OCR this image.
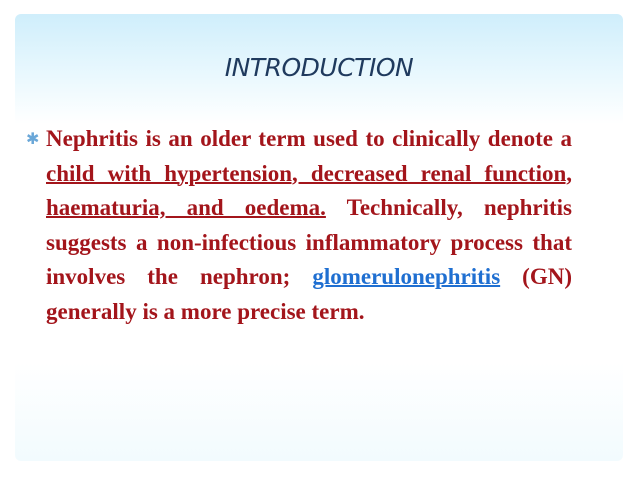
INTRODUCTION
✱ Nephritis is an older term used to clinically denote a child with hypertension, decreased renal function, haematuria, and oedema. Technically, nephritis suggests a non-infectious inflammatory process that involves the nephron; glomerulonephritis (GN) generally is a more precise term.
